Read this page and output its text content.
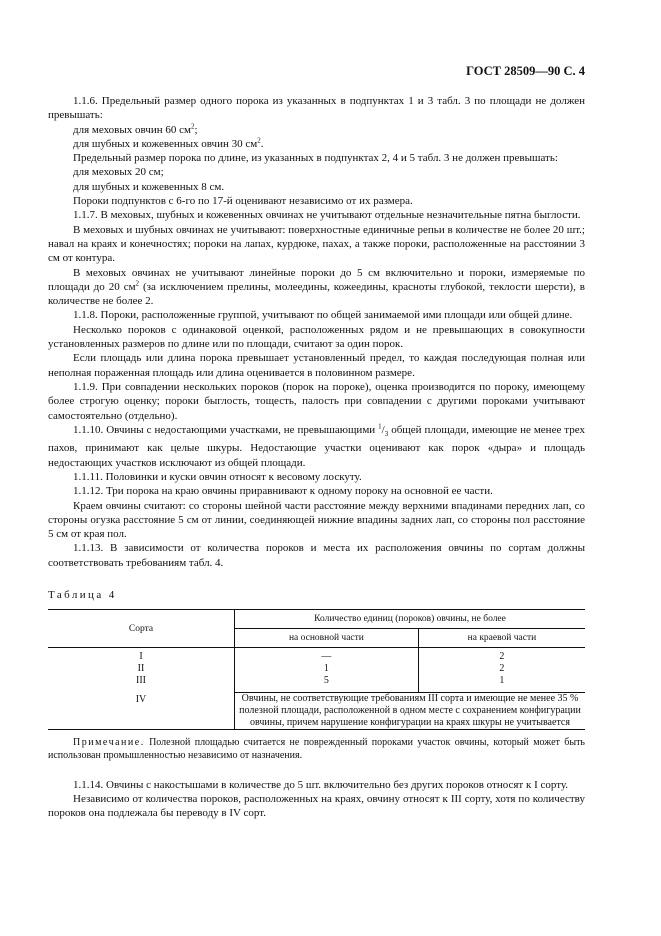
ГОСТ 28509—90 С. 4

1.1.6. Предельный размер одного порока из указанных в подпунктах 1 и 3 табл. 3 по площади не должен превышать:

для меховых овчин 60 $см^2$;

для шубных и кожевенных овчин 30 $см^2$.

Предельный размер порока по длине, из указанных в подпунктах 2, 4 и 5 табл. 3 не должен превышать:

для меховых 20 см;

для шубных и кожевенных 8 см.

Пороки подпунктов с 6-го по 17-й оценивают независимо от их размера.

1.1.7. В меховых, шубных и кожевенных овчинах не учитывают отдельные незначительные пятна быглости.

В меховых и шубных овчинах не учитывают: поверхностные единичные репьи в количестве не более 20 шт.; навал на краях и конечностях; пороки на лапах, курдюке, пахах, а также пороки, расположенные на расстоянии 3 см от контура.

В меховых овчинах не учитывают линейные пороки до 5 см включительно и пороки, измеряемые по площади до 20 $см^2$ (за исключением прелины, молеедины, кожеедины, красноты глубокой, теклости шерсти), в количестве не более 2.

1.1.8. Пороки, расположенные группой, учитывают по общей занимаемой ими площади или общей длине.

Несколько пороков с одинаковой оценкой, расположенных рядом и не превышающих в совокупности установленных размеров по длине или по площади, считают за один порок.

Если площадь или длина порока превышает установленный предел, то каждая последующая полная или неполная пораженная площадь или длина оценивается в половинном размере.

1.1.9. При совпадении нескольких пороков (порок на пороке), оценка производится по пороку, имеющему более строгую оценку; пороки быглость, тощесть, палость при совпадении с другими пороками учитывают самостоятельно (отдельно).

1.1.10. Овчины с недостающими участками, не превышающими $^1/_3$ общей площади, имеющие не менее трех пахов, принимают как целые шкуры. Недостающие участки оценивают как порок «дыра» и площадь недостающих участков исключают из общей площади.

1.1.11. Половинки и куски овчин относят к весовому лоскуту.

1.1.12. Три порока на краю овчины приравнивают к одному пороку на основной ее части.

Краем овчины считают: со стороны шейной части расстояние между верхними впадинами передних лап, со стороны огузка расстояние 5 см от линии, соединяющей нижние впадины задних лап, со стороны пол расстояние 5 см от края пол.

1.1.13. В зависимости от количества пороков и места их расположения овчины по сортам должны соответствовать требованиям табл. 4.

Таблица 4

Сорта	Количество единиц (пороков) овчины, не более	
	на основной части	на краевой части
I	—	2
II	1	2
III	5	1
IV	Овчины, не соответствующие требованиям III сорта и имеющие не менее 35 % полезной площади, расположенной в одном месте с сохранением конфигурации овчины, причем нарушение конфигурации на краях шкуры не учитывается	

Примечание. Полезной площадью считается не поврежденный пороками участок овчины, который может быть использован промышленностью независимо от назначения.

1.1.14. Овчины с накостышами в количестве до 5 шт. включительно без других пороков относят к I сорту.

Независимо от количества пороков, расположенных на краях, овчину относят к III сорту, хотя по количеству пороков она подлежала бы переводу в IV сорт.
